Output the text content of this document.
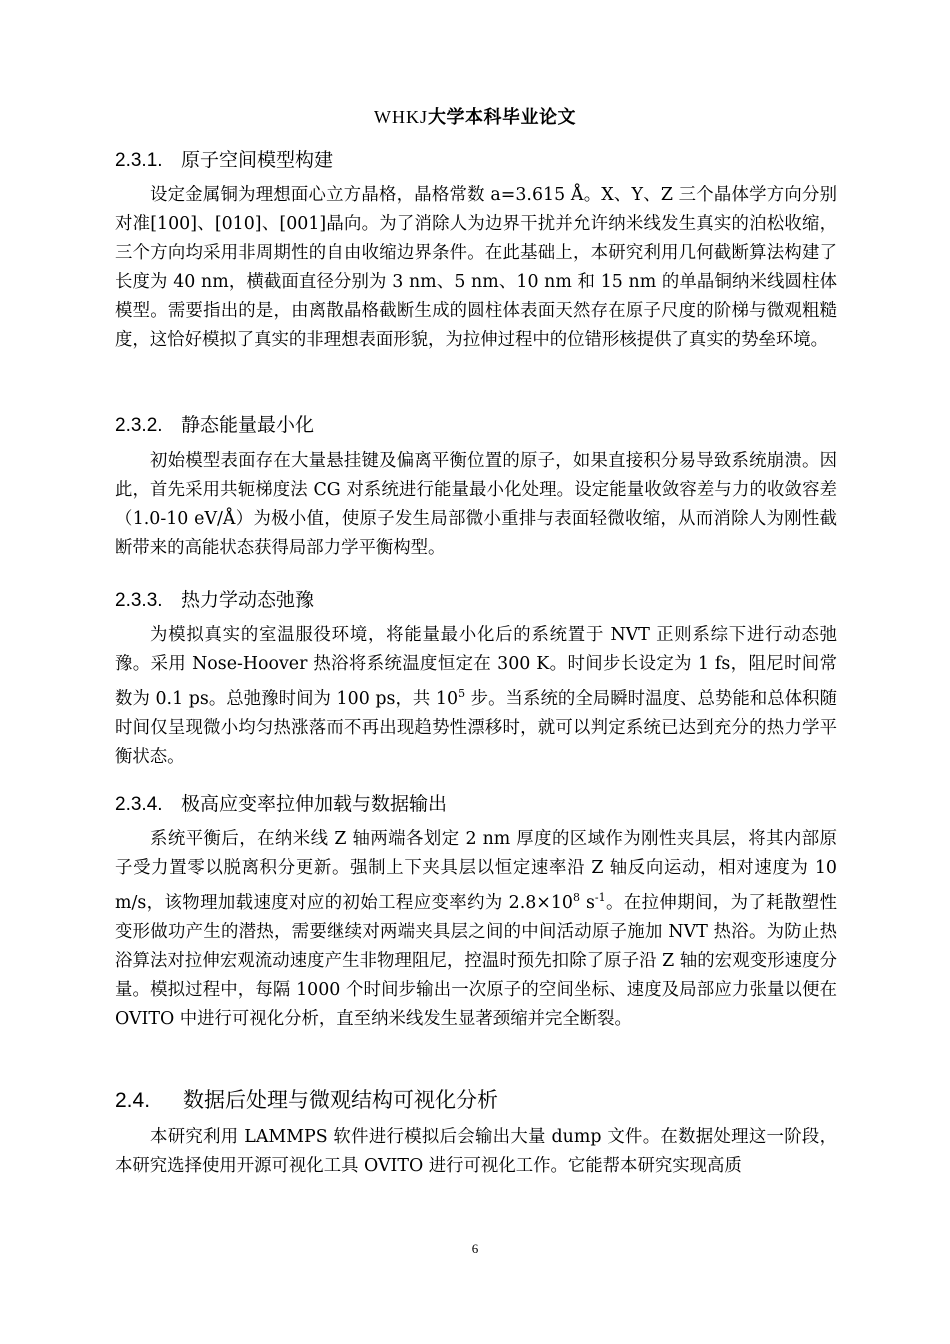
WHKJ大学本科毕业论文
2.3.1. 原子空间模型构建

设定金属铜为理想面心立方晶格，晶格常数 a=3.615 Å。X、Y、Z 三个晶体学方向分别对准[100]、[010]、[001]晶向。为了消除人为边界干扰并允许纳米线发生真实的泊松收缩，三个方向均采用非周期性的自由收缩边界条件。在此基础上，本研究利用几何截断算法构建了长度为 40 nm，横截面直径分别为 3 nm、5 nm、10 nm 和 15 nm 的单晶铜纳米线圆柱体模型。需要指出的是，由离散晶格截断生成的圆柱体表面天然存在原子尺度的阶梯与微观粗糙度，这恰好模拟了真实的非理想表面形貌，为拉伸过程中的位错形核提供了真实的势垒环境。

2.3.2. 静态能量最小化

初始模型表面存在大量悬挂键及偏离平衡位置的原子，如果直接积分易导致系统崩溃。因此，首先采用共轭梯度法 CG 对系统进行能量最小化处理。设定能量收敛容差与力的收敛容差（1.0-10 eV/Å）为极小值，使原子发生局部微小重排与表面轻微收缩，从而消除人为刚性截断带来的高能状态获得局部力学平衡构型。

2.3.3. 热力学动态弛豫

为模拟真实的室温服役环境，将能量最小化后的系统置于 NVT 正则系综下进行动态弛豫。采用 Nose-Hoover 热浴将系统温度恒定在 300 K。时间步长设定为 1 fs，阻尼时间常数为 0.1 ps。总弛豫时间为 100 ps，共 $10^5$ 步。当系统的全局瞬时温度、总势能和总体积随时间仅呈现微小均匀热涨落而不再出现趋势性漂移时，就可以判定系统已达到充分的热力学平衡状态。

2.3.4. 极高应变率拉伸加载与数据输出

系统平衡后，在纳米线 Z 轴两端各划定 2 nm 厚度的区域作为刚性夹具层，将其内部原子受力置零以脱离积分更新。强制上下夹具层以恒定速率沿 Z 轴反向运动，相对速度为 10 m/s，该物理加载速度对应的初始工程应变率约为 $2.8\times 10^8$ $s^{-1}$。在拉伸期间，为了耗散塑性变形做功产生的潜热，需要继续对两端夹具层之间的中间活动原子施加 NVT 热浴。为防止热浴算法对拉伸宏观流动速度产生非物理阻尼，控温时预先扣除了原子沿 Z 轴的宏观变形速度分量。模拟过程中，每隔 1000 个时间步输出一次原子的空间坐标、速度及局部应力张量以便在 OVITO 中进行可视化分析，直至纳米线发生显著颈缩并完全断裂。

2.4. 数据后处理与微观结构可视化分析

本研究利用 LAMMPS 软件进行模拟后会输出大量 dump 文件。在数据处理这一阶段，本研究选择使用开源可视化工具 OVITO 进行可视化工作。它能帮本研究实现高质

6
